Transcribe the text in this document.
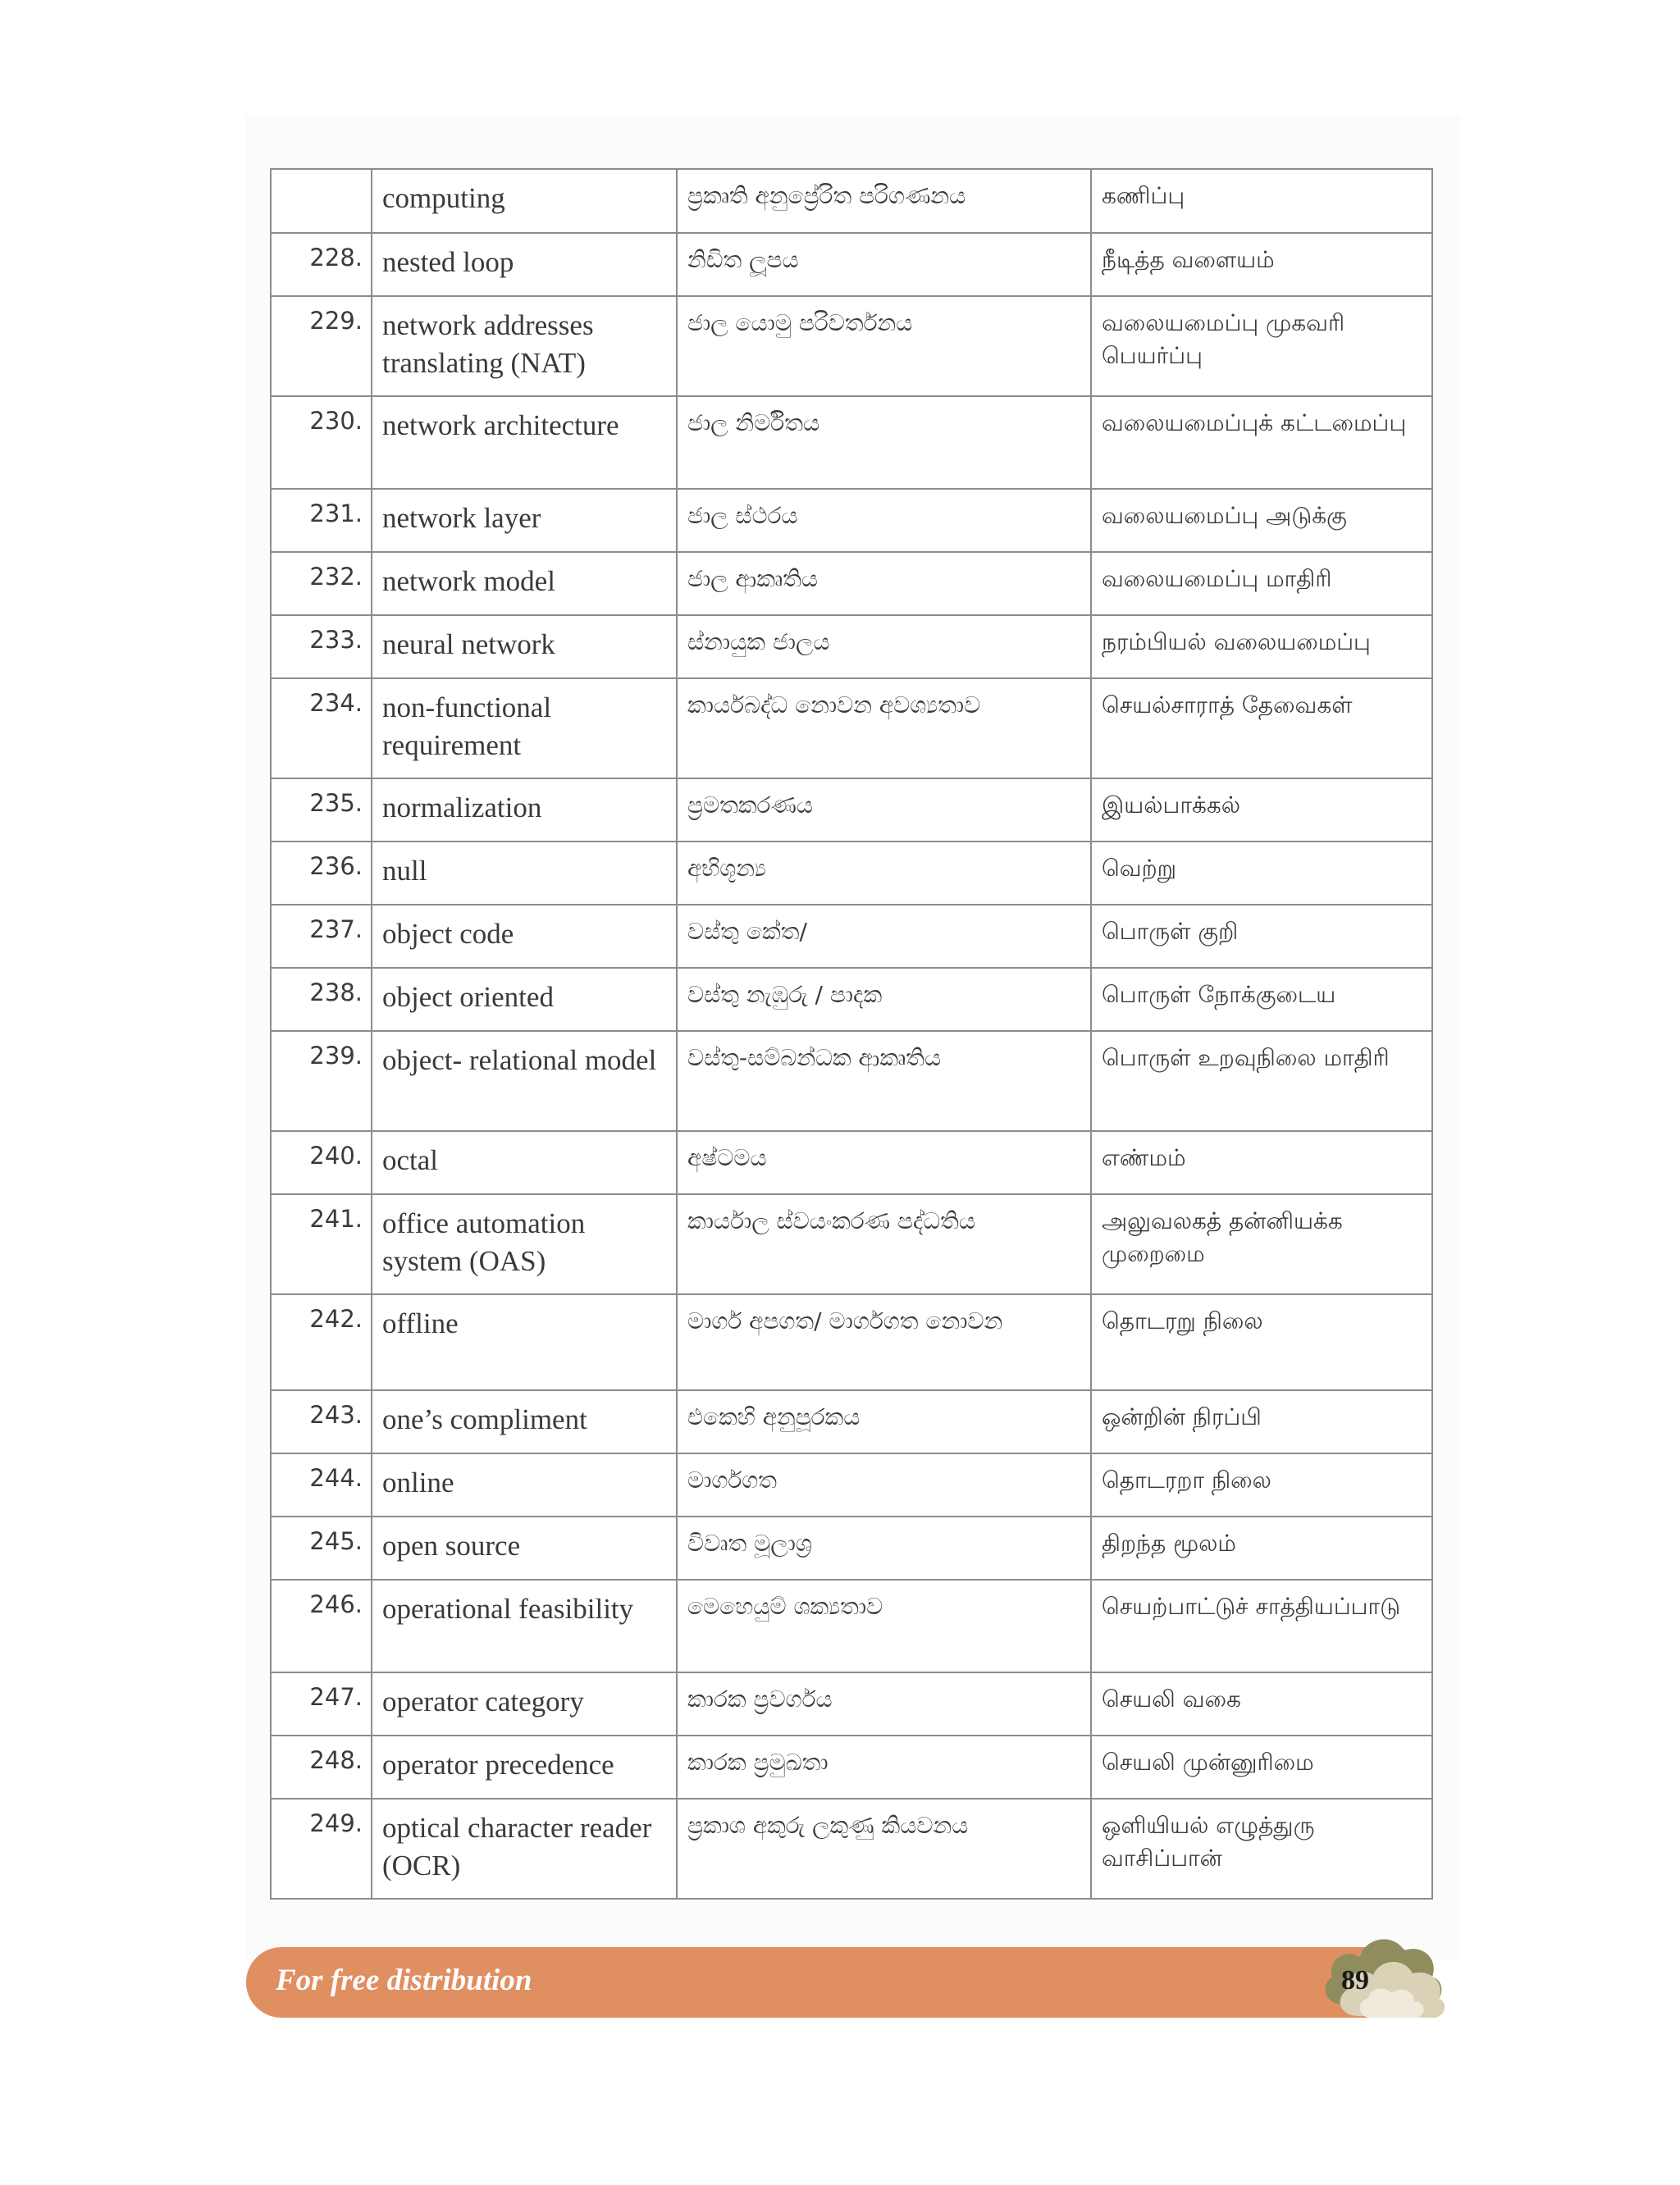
	computing	ප්‍රකෘති අනුප්‍රේරිත පරිගණනය	கணிப்பு
228.	nested loop	නිඩිත ලූපය	நீடித்த வளையம்
229.	network addresses translating (NAT)	ජාල යොමු පරිවර්තනය	வலையமைப்பு முகவரி பெயர்ப்பு
230.	network architecture	ජාල නිර්මිතය	வலையமைப்புக் கட்டமைப்பு
231.	network layer	ජාල ස්ථරය	வலையமைப்பு அடுக்கு
232.	network model	ජාල ආකෘතිය	வலையமைப்பு மாதிரி
233.	neural network	ස්නායුක ජාලය	நரம்பியல் வலையமைப்பு
234.	non-functional requirement	කාර්යබද්ධ නොවන අවශ්‍යතාව	செயல்சாராத் தேவைகள்
235.	normalization	ප්‍රමතකරණය	இயல்பாக்கல்
236.	null	අභිශූන්‍ය	வெற்று
237.	object code	වස්තු කේත/	பொருள் குறி
238.	object oriented	වස්තු නැඹුරු / පාදක	பொருள் நோக்குடைய
239.	object- relational model	වස්තු-සම්බන්ධක ආකෘතිය	பொருள் உறவுநிலை மாதிரி
240.	octal	අෂ්ටමය	எண்மம்
241.	office automation system (OAS)	කාර්යාල ස්වයංකරණ පද්ධතිය	அலுவலகத் தன்னியக்க முறைமை
242.	offline	මාර්ග අපගත/ මාර්ගගත නොවන	தொடரறு நிலை
243.	one’s compliment	එකෙහි අනුපූරකය	ஒன்றின் நிரப்பி
244.	online	මාර්ගගත	தொடரறா நிலை
245.	open source	විවෘත මූලාශ්‍ර	திறந்த மூலம்
246.	operational feasibility	මෙහෙයුම් ශක්‍යතාව	செயற்பாட்டுச் சாத்தியப்பாடு
247.	operator category	කාරක ප්‍රවර්ගය	செயலி வகை
248.	operator precedence	කාරක ප්‍රමුඛතා	செயலி முன்னுரிமை
249.	optical character reader (OCR)	ප්‍රකාශ අකුරු ලකුණු කියවනය	ஒளியியல் எழுத்துரு வாசிப்பான்
For free distribution	89
